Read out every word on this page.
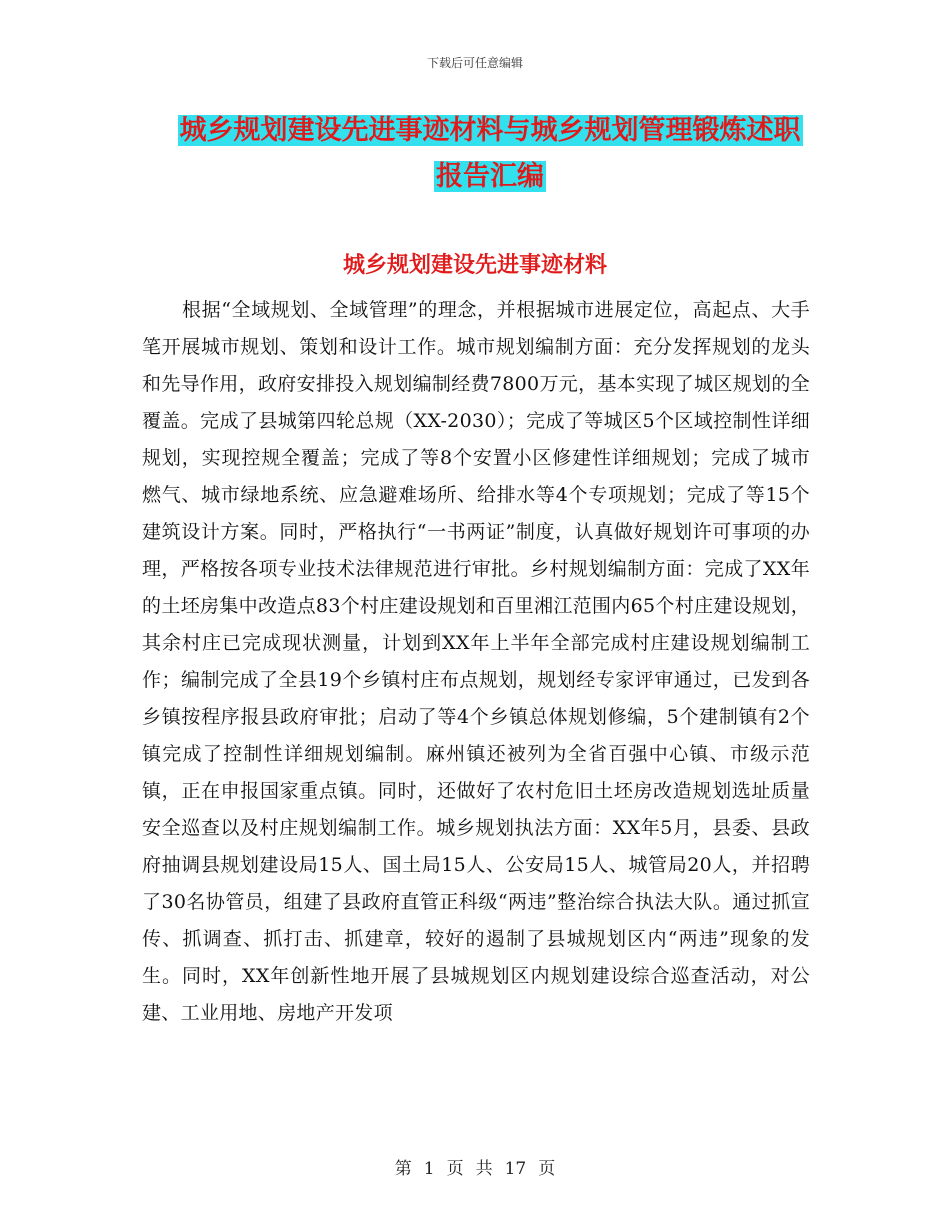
下载后可任意编辑
城乡规划建设先进事迹材料与城乡规划管理锻炼述职
报告汇编
城乡规划建设先进事迹材料

根据“全域规划、全域管理”的理念，并根据城市进展定位，高起点、大手笔开展城市规划、策划和设计工作。城市规划编制方面：充分发挥规划的龙头和先导作用，政府安排投入规划编制经费7800万元，基本实现了城区规划的全覆盖。完成了县城第四轮总规（XX-2030）；完成了等城区5个区域控制性详细规划，实现控规全覆盖；完成了等8个安置小区修建性详细规划；完成了城市燃气、城市绿地系统、应急避难场所、给排水等4个专项规划；完成了等15个建筑设计方案。同时，严格执行“一书两证”制度，认真做好规划许可事项的办理，严格按各项专业技术法律规范进行审批。乡村规划编制方面：完成了XX年的土坯房集中改造点83个村庄建设规划和百里湘江范围内65个村庄建设规划，其余村庄已完成现状测量，计划到XX年上半年全部完成村庄建设规划编制工作；编制完成了全县19个乡镇村庄布点规划，规划经专家评审通过，已发到各乡镇按程序报县政府审批；启动了等4个乡镇总体规划修编，5个建制镇有2个镇完成了控制性详细规划编制。麻州镇还被列为全省百强中心镇、市级示范镇，正在申报国家重点镇。同时，还做好了农村危旧土坯房改造规划选址质量安全巡查以及村庄规划编制工作。城乡规划执法方面：XX年5月，县委、县政府抽调县规划建设局15人、国土局15人、公安局15人、城管局20人，并招聘了30名协管员，组建了县政府直管正科级“两违”整治综合执法大队。通过抓宣传、抓调查、抓打击、抓建章，较好的遏制了县城规划区内“两违”现象的发生。同时，XX年创新性地开展了县城规划区内规划建设综合巡查活动，对公建、工业用地、房地产开发项

第 1 页 共 17 页
